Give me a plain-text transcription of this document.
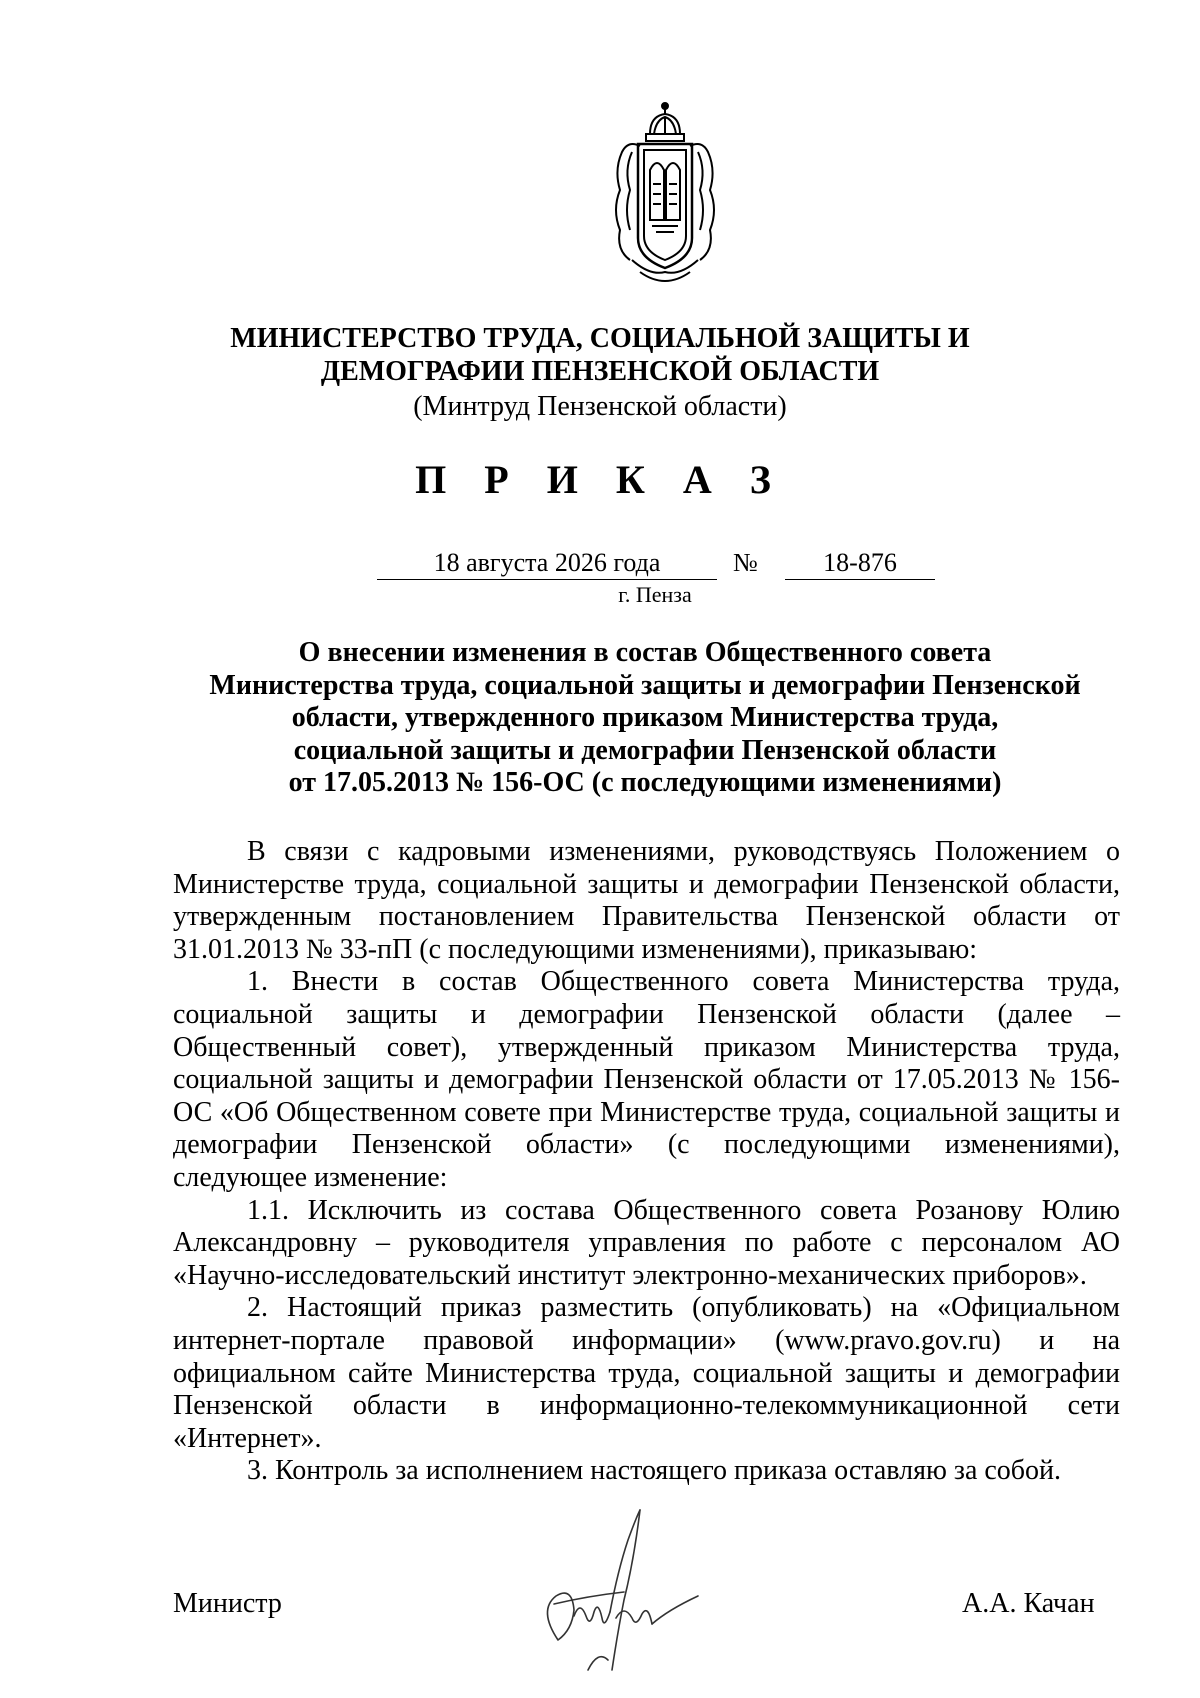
МИНИСТЕРСТВО ТРУДА, СОЦИАЛЬНОЙ ЗАЩИТЫ И
ДЕМОГРАФИИ ПЕНЗЕНСКОЙ ОБЛАСТИ
(Минтруд Пензенской области)
П Р И К А З
18 августа 2026 года	№	18-876
г. Пенза
О внесении изменения в состав Общественного совета
Министерства труда, социальной защиты и демографии Пензенской
области, утвержденного приказом Министерства труда,
социальной защиты и демографии Пензенской области
от 17.05.2013 № 156-ОС (с последующими изменениями)

В связи с кадровыми изменениями, руководствуясь Положением о Министерстве труда, социальной защиты и демографии Пензенской области, утвержденным постановлением Правительства Пензенской области от 31.01.2013 № 33-пП (с последующими изменениями), приказываю:

1. Внести в состав Общественного совета Министерства труда, социальной защиты и демографии Пензенской области (далее – Общественный совет), утвержденный приказом Министерства труда, социальной защиты и демографии Пензенской области от 17.05.2013 № 156-ОС «Об Общественном совете при Министерстве труда, социальной защиты и демографии Пензенской области» (с последующими изменениями), следующее изменение:

1.1. Исключить из состава Общественного совета Розанову Юлию Александровну – руководителя управления по работе с персоналом АО «Научно-исследовательский институт электронно-механических приборов».

2. Настоящий приказ разместить (опубликовать) на «Официальном интернет-портале правовой информации» (www.pravo.gov.ru) и на официальном сайте Министерства труда, социальной защиты и демографии Пензенской области в информационно-телекоммуникационной сети «Интернет».

3. Контроль за исполнением настоящего приказа оставляю за собой.

Министр	А.А. Качан
